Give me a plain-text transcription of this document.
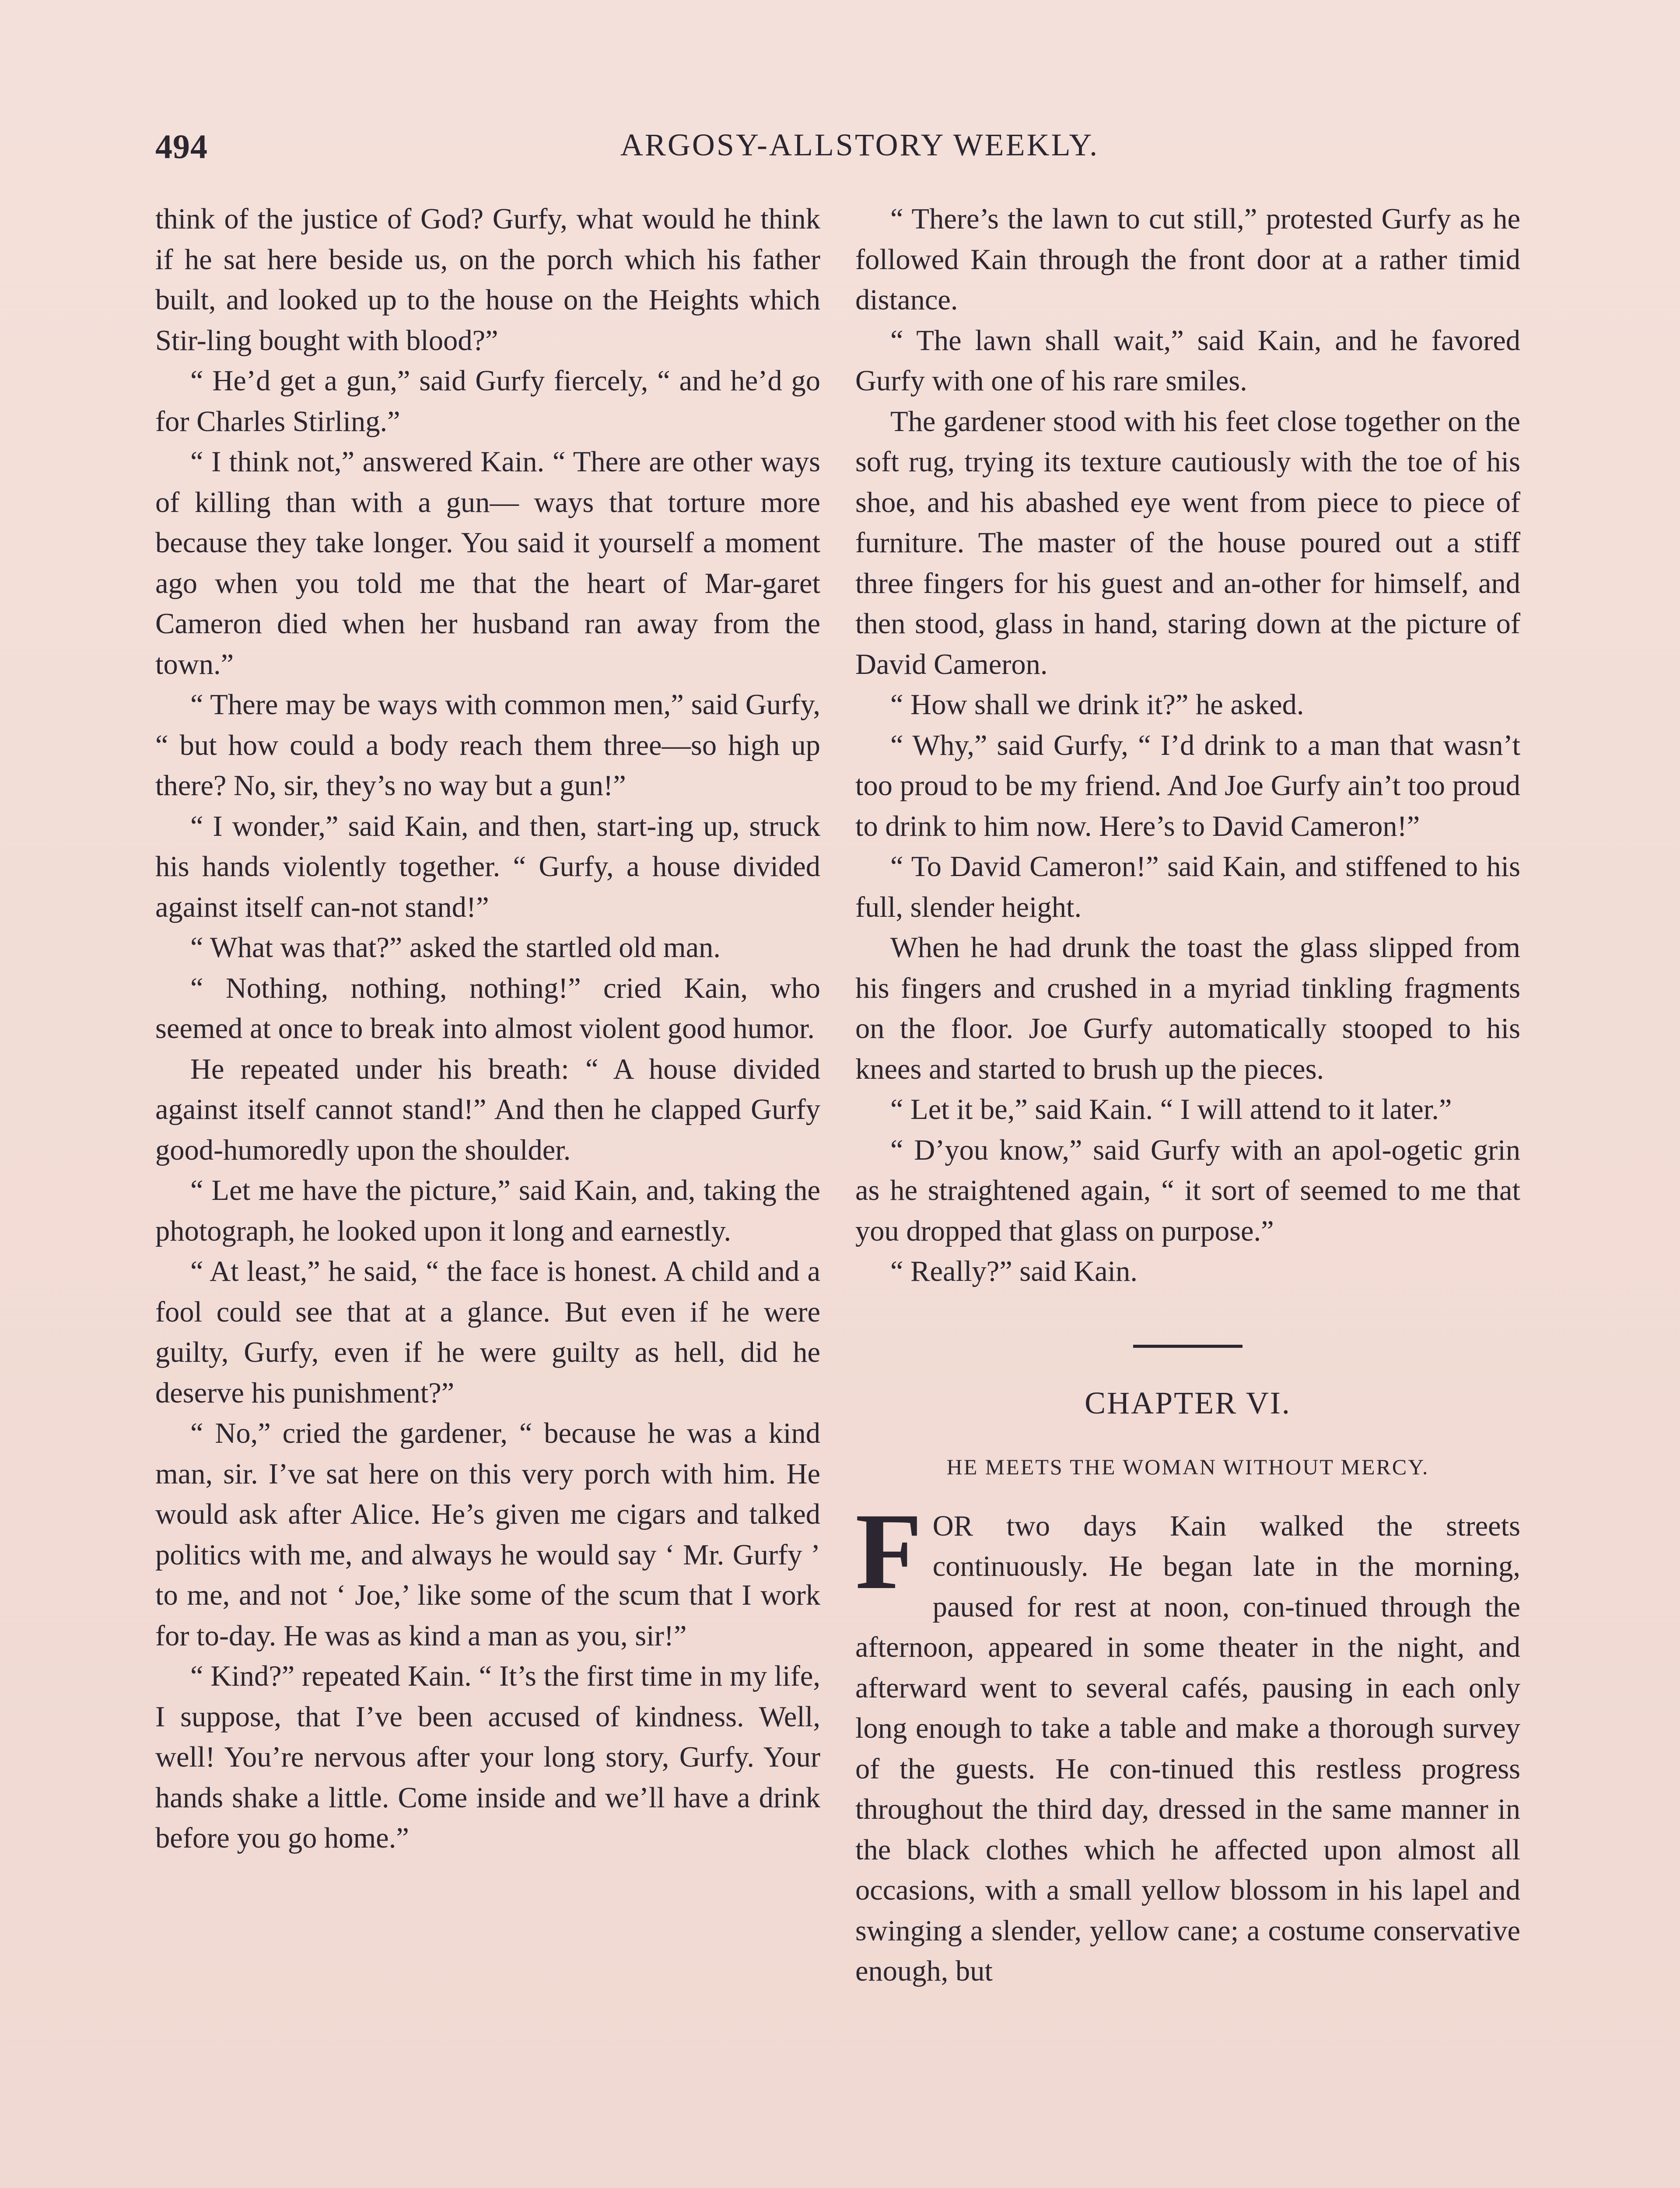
494	ARGOSY-ALLSTORY WEEKLY.

think of the justice of God? Gurfy, what would he think if he sat here beside us, on the porch which his father built, and looked up to the house on the Heights which Stir-ling bought with blood?”

“ He’d get a gun,” said Gurfy fiercely, “ and he’d go for Charles Stirling.”

“ I think not,” answered Kain. “ There are other ways of killing than with a gun— ways that torture more because they take longer. You said it yourself a moment ago when you told me that the heart of Mar-garet Cameron died when her husband ran away from the town.”

“ There may be ways with common men,” said Gurfy, “ but how could a body reach them three—so high up there? No, sir, they’s no way but a gun!”

“ I wonder,” said Kain, and then, start-ing up, struck his hands violently together. “ Gurfy, a house divided against itself can-not stand!”

“ What was that?” asked the startled old man.

“ Nothing, nothing, nothing!” cried Kain, who seemed at once to break into almost violent good humor.

He repeated under his breath: “ A house divided against itself cannot stand!” And then he clapped Gurfy good-humoredly upon the shoulder.

“ Let me have the picture,” said Kain, and, taking the photograph, he looked upon it long and earnestly.

“ At least,” he said, “ the face is honest. A child and a fool could see that at a glance. But even if he were guilty, Gurfy, even if he were guilty as hell, did he deserve his punishment?”

“ No,” cried the gardener, “ because he was a kind man, sir. I’ve sat here on this very porch with him. He would ask after Alice. He’s given me cigars and talked politics with me, and always he would say ‘ Mr. Gurfy ’ to me, and not ‘ Joe,’ like some of the scum that I work for to-day. He was as kind a man as you, sir!”

“ Kind?” repeated Kain. “ It’s the first time in my life, I suppose, that I’ve been accused of kindness. Well, well! You’re nervous after your long story, Gurfy. Your hands shake a little. Come inside and we’ll have a drink before you go home.”

“ There’s the lawn to cut still,” protested Gurfy as he followed Kain through the front door at a rather timid distance.

“ The lawn shall wait,” said Kain, and he favored Gurfy with one of his rare smiles.

The gardener stood with his feet close together on the soft rug, trying its texture cautiously with the toe of his shoe, and his abashed eye went from piece to piece of furniture. The master of the house poured out a stiff three fingers for his guest and an-other for himself, and then stood, glass in hand, staring down at the picture of David Cameron.

“ How shall we drink it?” he asked.

“ Why,” said Gurfy, “ I’d drink to a man that wasn’t too proud to be my friend. And Joe Gurfy ain’t too proud to drink to him now. Here’s to David Cameron!”

“ To David Cameron!” said Kain, and stiffened to his full, slender height.

When he had drunk the toast the glass slipped from his fingers and crushed in a myriad tinkling fragments on the floor. Joe Gurfy automatically stooped to his knees and started to brush up the pieces.

“ Let it be,” said Kain. “ I will attend to it later.”

“ D’you know,” said Gurfy with an apol-ogetic grin as he straightened again, “ it sort of seemed to me that you dropped that glass on purpose.”

“ Really?” said Kain.

CHAPTER VI.
HE MEETS THE WOMAN WITHOUT MERCY.

FOR two days Kain walked the streets continuously. He began late in the morning, paused for rest at noon, con-tinued through the afternoon, appeared in some theater in the night, and afterward went to several cafés, pausing in each only long enough to take a table and make a thorough survey of the guests. He con-tinued this restless progress throughout the third day, dressed in the same manner in the black clothes which he affected upon almost all occasions, with a small yellow blossom in his lapel and swinging a slender, yellow cane; a costume conservative enough, but
